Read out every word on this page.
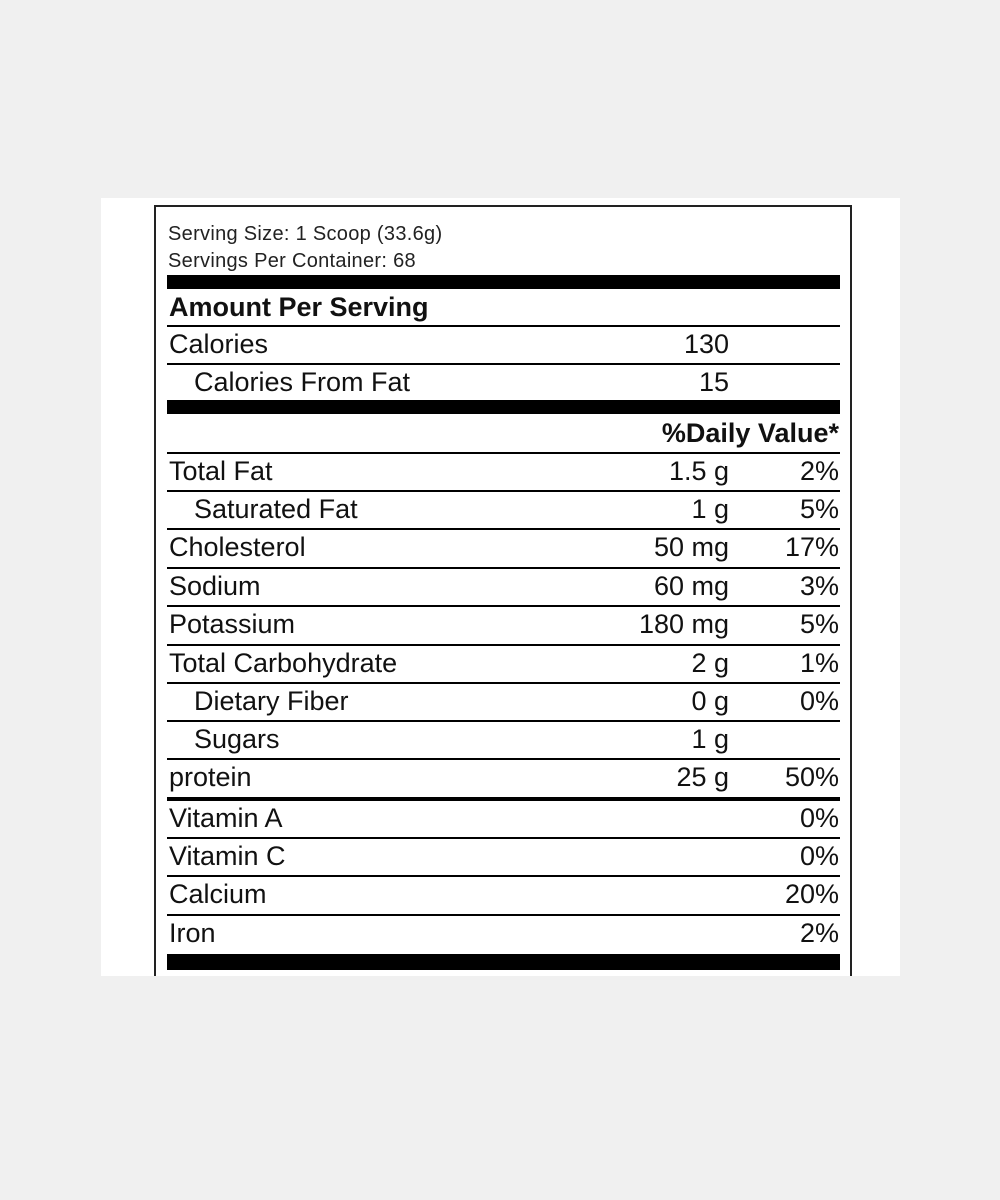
Serving Size: 1 Scoop (33.6g)
Servings Per Container: 68
Amount Per Serving
Calories	130
Calories From Fat	15
%Daily Value*
Total Fat	1.5 g	2%
Saturated Fat	1 g	5%
Cholesterol	50 mg 17%
Sodium	60 mg	3%
Potassium	180 mg	5%
Total Carbohydrate	2 g	1%
Dietary Fiber	0 g	0%
Sugars	1 g
protein	25 g 50%
Vitamin A	0%
Vitamin C	0%
Calcium	20%
Iron	2%
